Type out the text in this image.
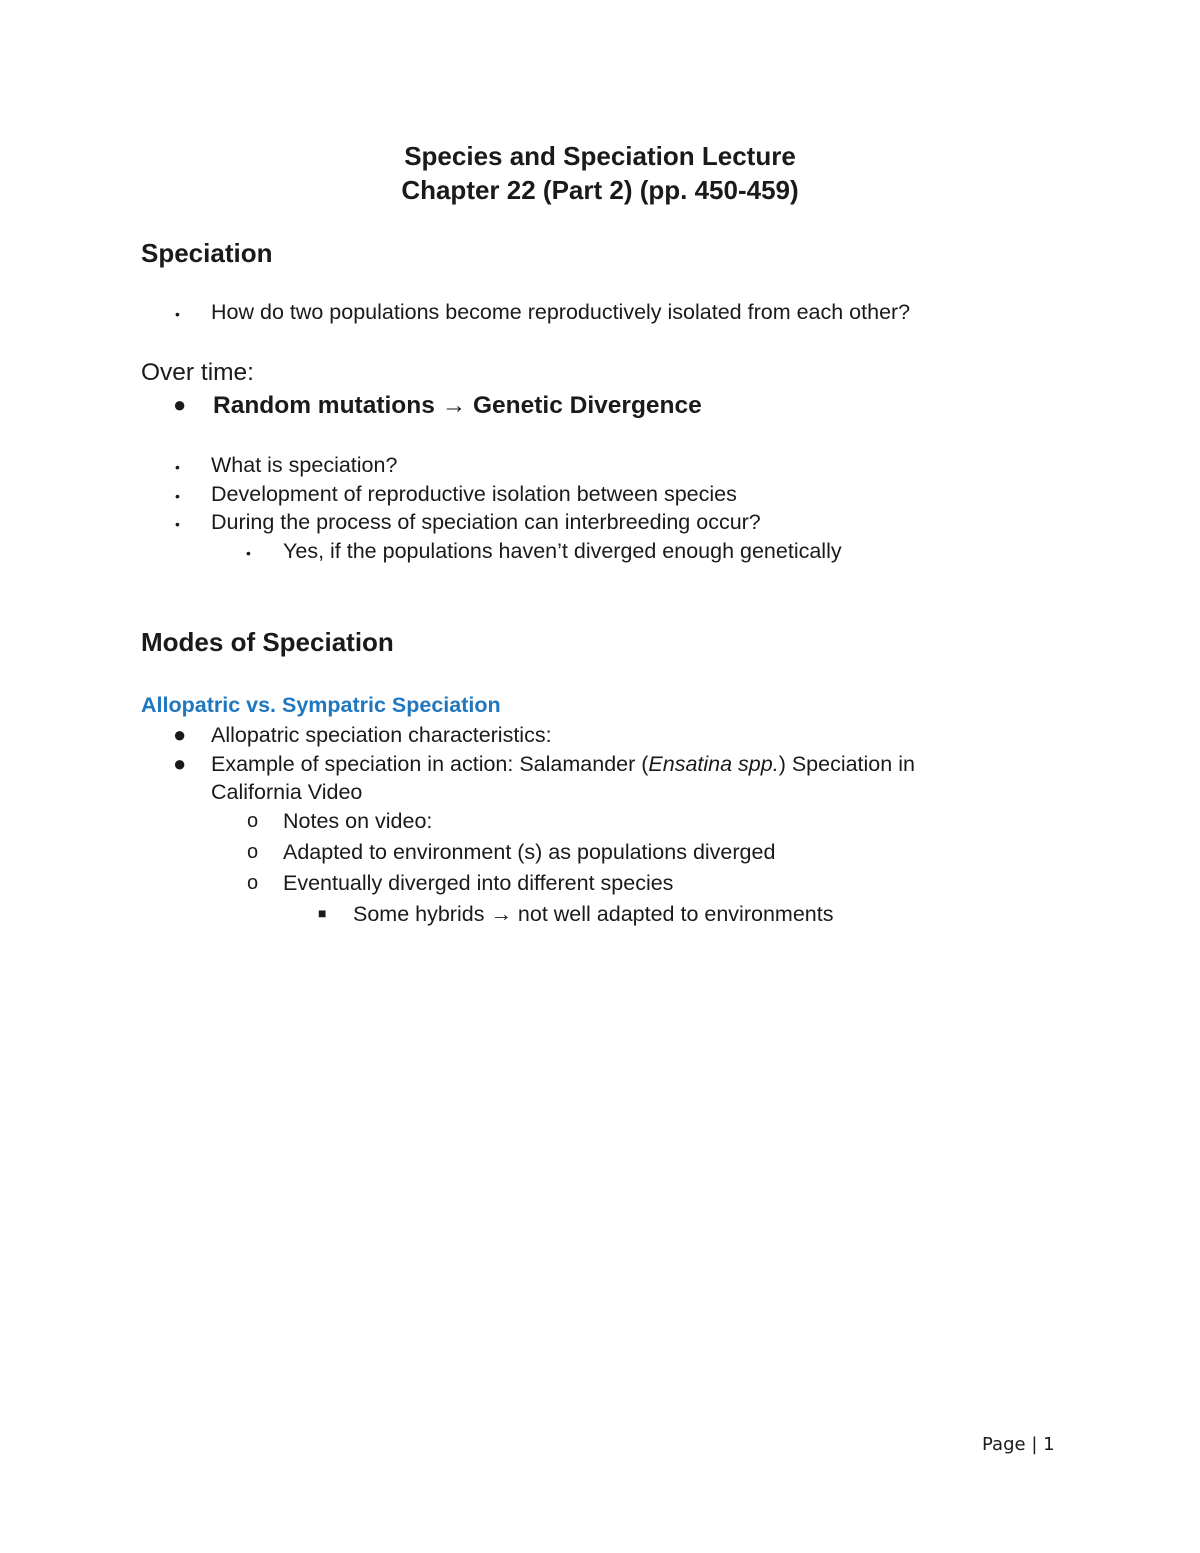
Species and Speciation Lecture
Chapter 22 (Part 2) (pp. 450-459)
Speciation
• How do two populations become reproductively isolated from each other?
Over time:
● Random mutations → Genetic Divergence
• What is speciation?
• Development of reproductive isolation between species
• During the process of speciation can interbreeding occur?
• Yes, if the populations haven’t diverged enough genetically
Modes of Speciation
Allopatric vs. Sympatric Speciation
● Allopatric speciation characteristics:
● Example of speciation in action: Salamander (Ensatina spp.) Speciation in
California Video
o Notes on video:
o Adapted to environment (s) as populations diverged
o Eventually diverged into different species
■ Some hybrids → not well adapted to environments
Page | 1
